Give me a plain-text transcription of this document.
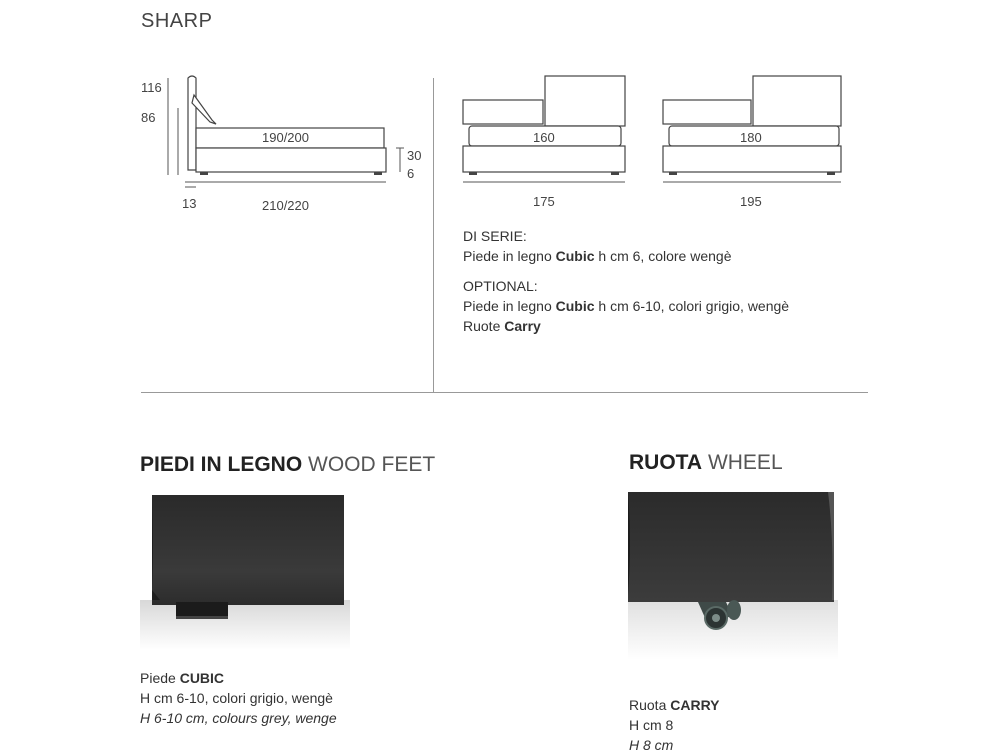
SHARP
116
86
190/200
30
6
13	210/220
160
175
180
195
DI SERIE:
Piede in legno Cubic h cm 6, colore wengè
OPTIONAL:
Piede in legno Cubic h cm 6-10, colori grigio, wengè
Ruote Carry
PIEDI IN LEGNO WOOD FEET
Piede CUBIC
H cm 6-10, colori grigio, wengè
H 6-10 cm, colours grey, wenge
RUOTA WHEEL
Ruota CARRY
H cm 8
H 8 cm
